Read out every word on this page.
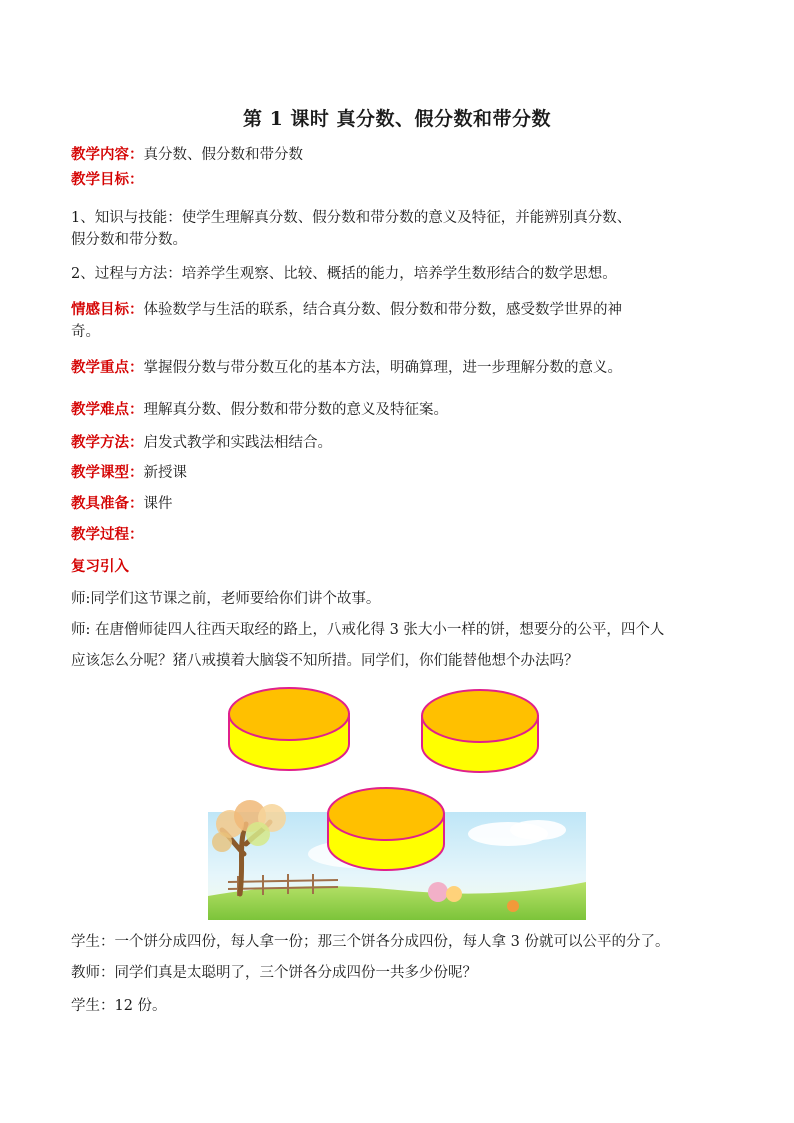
第 1 课时 真分数、假分数和带分数
教学内容：真分数、假分数和带分数
教学目标：
1、知识与技能：使学生理解真分数、假分数和带分数的意义及特征，并能辨别真分数、
假分数和带分数。
2、过程与方法：培养学生观察、比较、概括的能力，培养学生数形结合的数学思想。
情感目标：体验数学与生活的联系，结合真分数、假分数和带分数，感受数学世界的神
奇。
教学重点：掌握假分数与带分数互化的基本方法，明确算理，进一步理解分数的意义。
教学难点：理解真分数、假分数和带分数的意义及特征案。
教学方法：启发式教学和实践法相结合。
教学课型：新授课
教具准备：课件
教学过程：
复习引入
师:同学们这节课之前，老师要给你们讲个故事。
师: 在唐僧师徒四人往西天取经的路上，八戒化得 3 张大小一样的饼，想要分的公平，四个人
应该怎么分呢？猪八戒摸着大脑袋不知所措。同学们，你们能替他想个办法吗？
学生：一个饼分成四份，每人拿一份；那三个饼各分成四份，每人拿 3 份就可以公平的分了。
教师：同学们真是太聪明了，三个饼各分成四份一共多少份呢？
学生：12 份。
